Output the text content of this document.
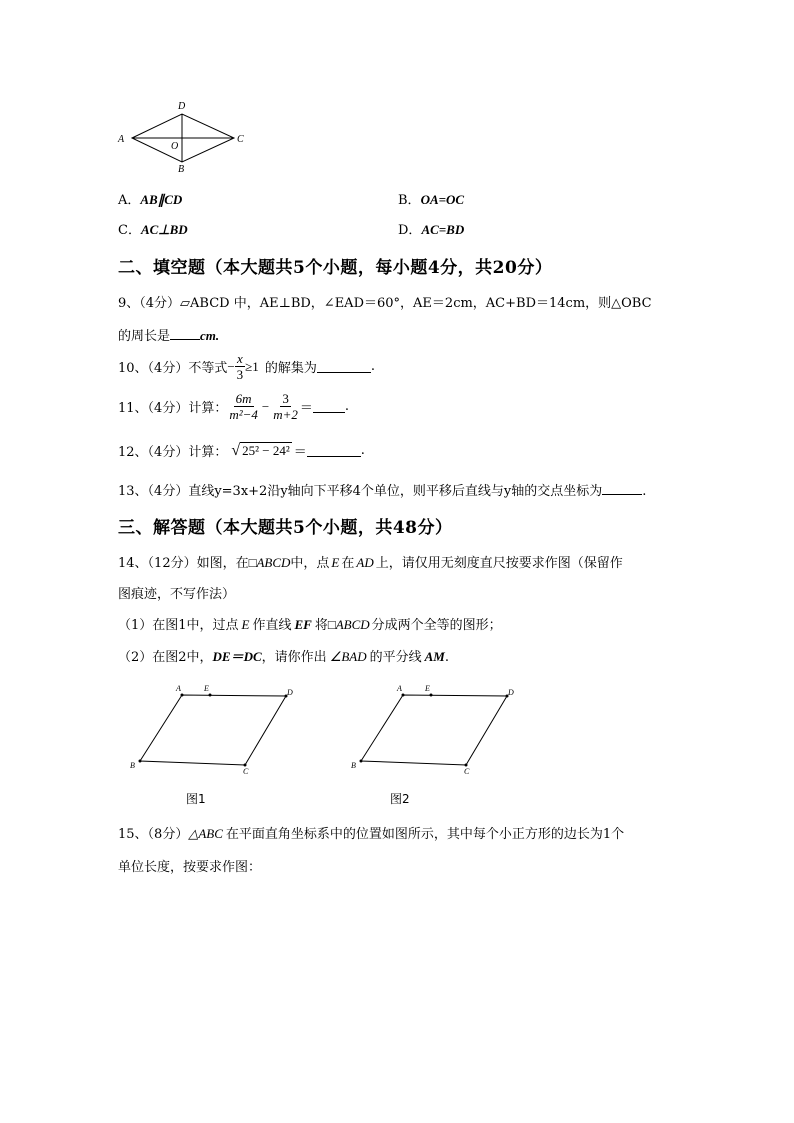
D
A	C
O
B
A．AB∥CD	B．OA=OC
C．AC⊥BD	D．AC=BD
二、填空题（本大题共5个小题，每小题4分，共20分）
9、（4分）▱ABCD 中，AE⊥BD，∠EAD＝60°，AE＝2cm，AC+BD＝14cm，则△OBC
的周长是 cm.
10、（4分）不等式 − $\frac{x}{3} \ge 1$ 的解集为	.
11、（4分）计算： $\frac{6m}{\text{m²−4}} - \frac{3}{m+2}$ ＝ .
12、（4分）计算： √ 25² − 24² ＝	.
13、（4分）直线y=3x+2沿y轴向下平移4个单位，则平移后直线与y轴的交点坐标为	.
三、解答题（本大题共5个小题，共48分）
14、（12分）如图，在□ABCD中，点 E 在 AD 上，请仅用无刻度直尺按要求作图（保留作
图痕迹，不写作法）
（1）在图1中，过点 E 作直线 EF 将□ABCD 分成两个全等的图形；
（2）在图2中，DE＝DC，请你作出 ∠BAD 的平分线 AM.
A	E	D
B
C
图1
A	E	D
B
C
图2
15、（8分）△ABC 在平面直角坐标系中的位置如图所示，其中每个小正方形的边长为1个
单位长度，按要求作图：
